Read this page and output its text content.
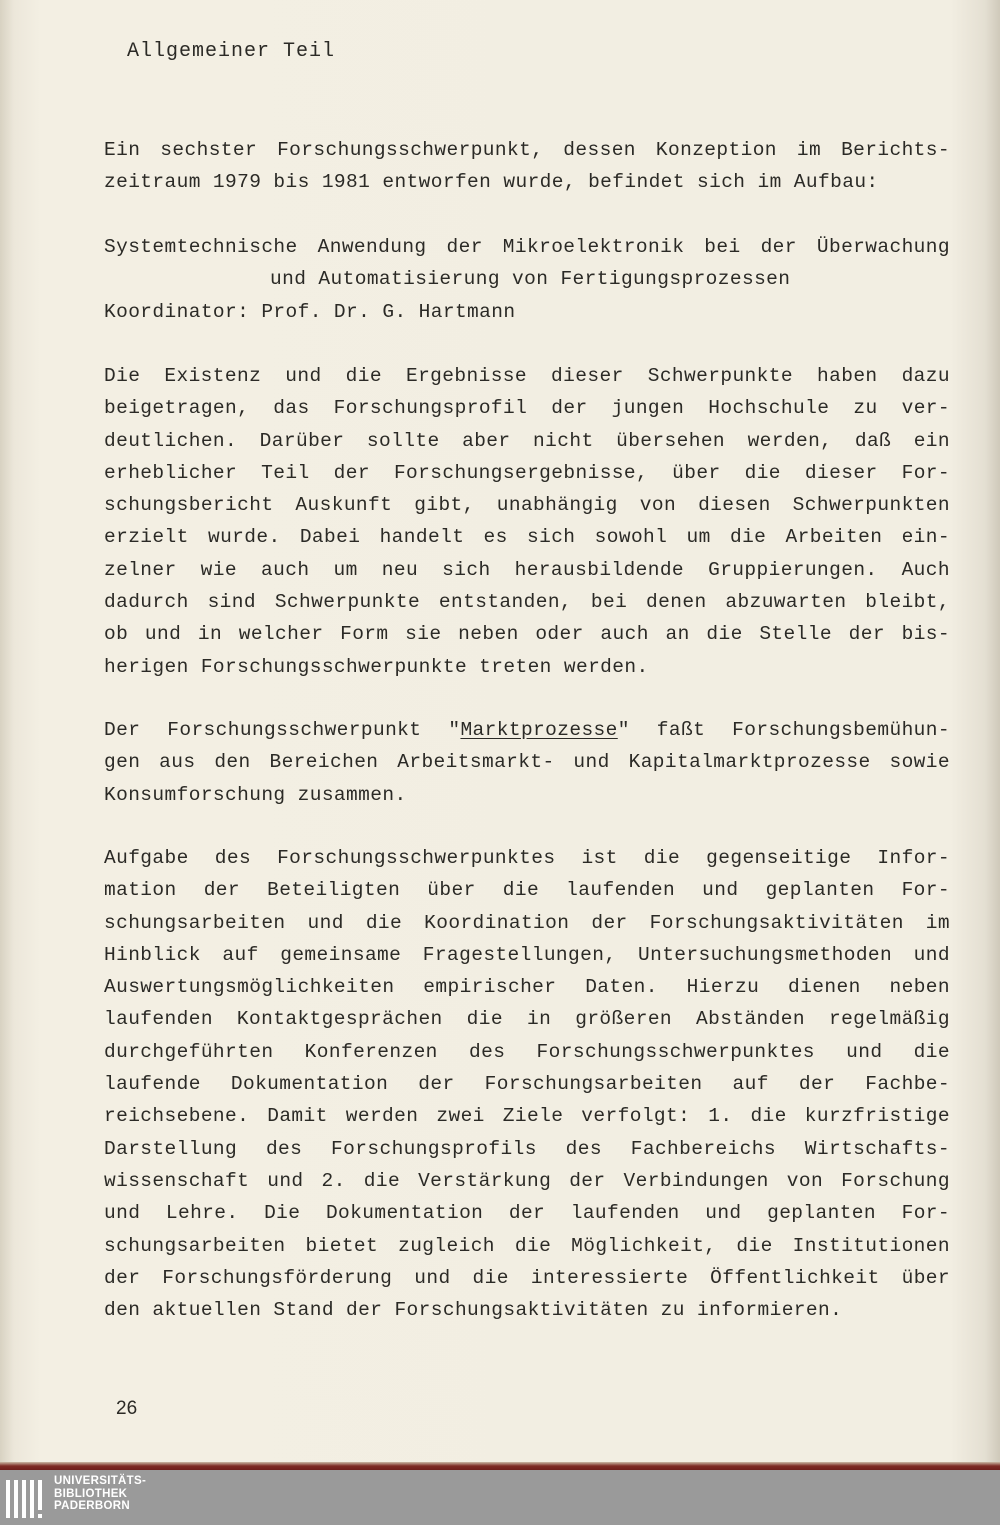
Allgemeiner Teil
Ein sechster Forschungsschwerpunkt, dessen Konzeption im Berichts-
zeitraum 1979 bis 1981 entworfen wurde, befindet sich im Aufbau:
Systemtechnische Anwendung der Mikroelektronik bei der Überwachung
und Automatisierung von Fertigungsprozessen
Koordinator: Prof. Dr. G. Hartmann
Die Existenz und die Ergebnisse dieser Schwerpunkte haben dazu
beigetragen, das Forschungsprofil der jungen Hochschule zu ver-
deutlichen. Darüber sollte aber nicht übersehen werden, daß ein
erheblicher Teil der Forschungsergebnisse, über die dieser For-
schungsbericht Auskunft gibt, unabhängig von diesen Schwerpunkten
erzielt wurde. Dabei handelt es sich sowohl um die Arbeiten ein-
zelner wie auch um neu sich herausbildende Gruppierungen. Auch
dadurch sind Schwerpunkte entstanden, bei denen abzuwarten bleibt,
ob und in welcher Form sie neben oder auch an die Stelle der bis-
herigen Forschungsschwerpunkte treten werden.
Der Forschungsschwerpunkt "Marktprozesse" faßt Forschungsbemühun-
gen aus den Bereichen Arbeitsmarkt- und Kapitalmarktprozesse sowie
Konsumforschung zusammen.
Aufgabe des Forschungsschwerpunktes ist die gegenseitige Infor-
mation der Beteiligten über die laufenden und geplanten For-
schungsarbeiten und die Koordination der Forschungsaktivitäten im
Hinblick auf gemeinsame Fragestellungen, Untersuchungsmethoden und
Auswertungsmöglichkeiten empirischer Daten. Hierzu dienen neben
laufenden Kontaktgesprächen die in größeren Abständen regelmäßig
durchgeführten Konferenzen des Forschungsschwerpunktes und die
laufende Dokumentation der Forschungsarbeiten auf der Fachbe-
reichsebene. Damit werden zwei Ziele verfolgt: 1. die kurzfristige
Darstellung des Forschungsprofils des Fachbereichs Wirtschafts-
wissenschaft und 2. die Verstärkung der Verbindungen von Forschung
und Lehre. Die Dokumentation der laufenden und geplanten For-
schungsarbeiten bietet zugleich die Möglichkeit, die Institutionen
der Forschungsförderung und die interessierte Öffentlichkeit über
den aktuellen Stand der Forschungsaktivitäten zu informieren.
26
UNIVERSITÄTS-
BIBLIOTHEK
PADERBORN
